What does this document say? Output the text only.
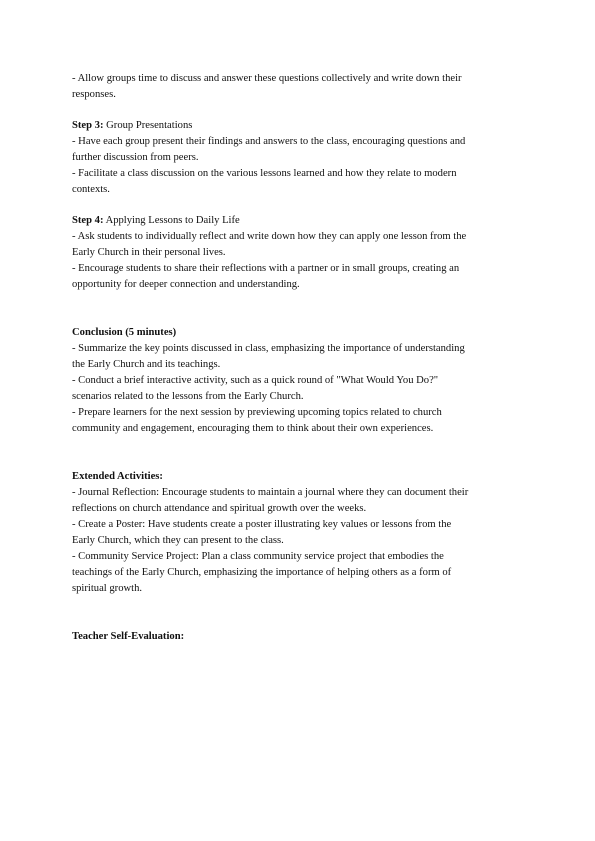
- Allow groups time to discuss and answer these questions collectively and write down their
responses.
Step 3: Group Presentations
- Have each group present their findings and answers to the class, encouraging questions and
further discussion from peers.
- Facilitate a class discussion on the various lessons learned and how they relate to modern
contexts.
Step 4: Applying Lessons to Daily Life
- Ask students to individually reflect and write down how they can apply one lesson from the
Early Church in their personal lives.
- Encourage students to share their reflections with a partner or in small groups, creating an
opportunity for deeper connection and understanding.
Conclusion (5 minutes)
- Summarize the key points discussed in class, emphasizing the importance of understanding
the Early Church and its teachings.
- Conduct a brief interactive activity, such as a quick round of "What Would You Do?"
scenarios related to the lessons from the Early Church.
- Prepare learners for the next session by previewing upcoming topics related to church
community and engagement, encouraging them to think about their own experiences.
Extended Activities:
- Journal Reflection: Encourage students to maintain a journal where they can document their
reflections on church attendance and spiritual growth over the weeks.
- Create a Poster: Have students create a poster illustrating key values or lessons from the
Early Church, which they can present to the class.
- Community Service Project: Plan a class community service project that embodies the
teachings of the Early Church, emphasizing the importance of helping others as a form of
spiritual growth.
Teacher Self-Evaluation:
